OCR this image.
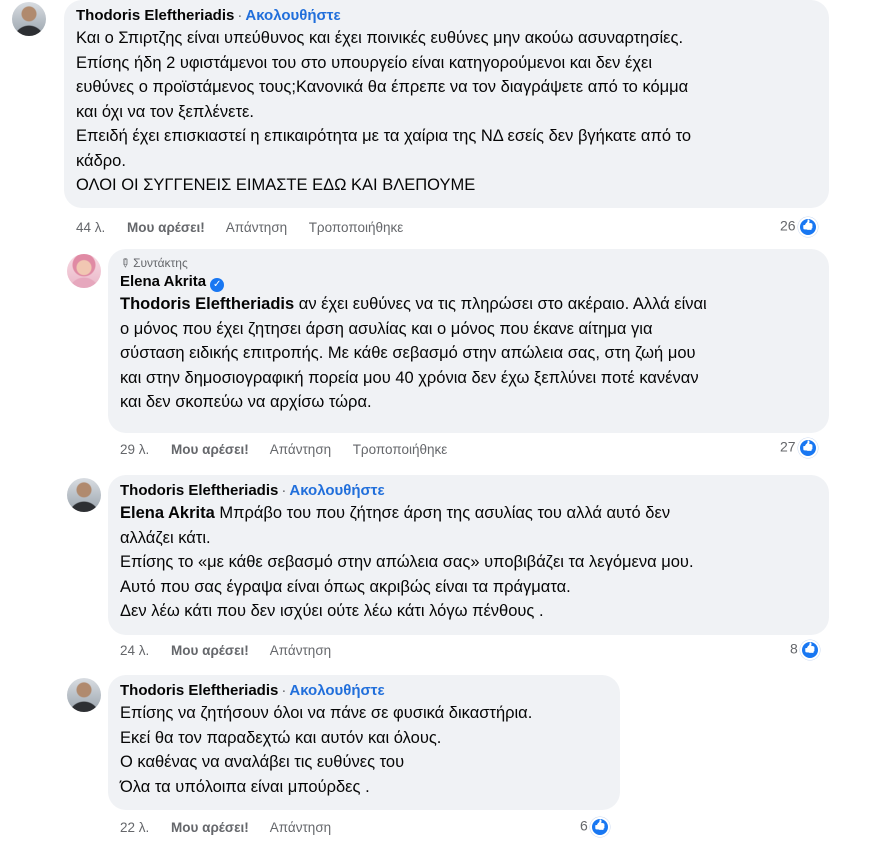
Thodoris Eleftheriadis · Ακολουθήστε
Και ο Σπιρτζης είναι υπεύθυνος και έχει ποινικές ευθύνες μην ακούω ασυναρτησίες.
Επίσης ήδη 2 υφιστάμενοι του στο υπουργείο είναι κατηγορούμενοι και δεν έχει
ευθύνες ο προϊστάμενος τους;Κανονικά θα έπρεπε να τον διαγράψετε από το κόμμα
και όχι να τον ξεπλένετε.
Επειδή έχει επισκιαστεί η επικαιρότητα με τα χαίρια της ΝΔ εσείς δεν βγήκατε από το
κάδρο.
ΟΛΟΙ ΟΙ ΣΥΓΓΕΝΕΙΣ ΕΙΜΑΣΤΕ ΕΔΩ ΚΑΙ ΒΛΕΠΟΥΜΕ
44 λ. Μου αρέσει! Απάντηση Τροποποιήθηκε	26👍
✎Συντάκτης
Elena Akrita ✓
Thodoris Eleftheriadis αν έχει ευθύνες να τις πληρώσει στο ακέραιο. Αλλά είναι
ο μόνος που έχει ζητησει άρση ασυλίας και ο μόνος που έκανε αίτημα για
σύσταση ειδικής επιτροπής. Με κάθε σεβασμό στην απώλεια σας, στη ζωή μου
και στην δημοσιογραφική πορεία μου 40 χρόνια δεν έχω ξεπλύνει ποτέ κανέναν
και δεν σκοπεύω να αρχίσω τώρα.
29 λ. Μου αρέσει! Απάντηση Τροποποιήθηκε	27👍
Thodoris Eleftheriadis · Ακολουθήστε
Elena Akrita Μπράβο του που ζήτησε άρση της ασυλίας του αλλά αυτό δεν
αλλάζει κάτι.
Επίσης το «με κάθε σεβασμό στην απώλεια σας» υποβιβάζει τα λεγόμενα μου.
Αυτό που σας έγραψα είναι όπως ακριβώς είναι τα πράγματα.
Δεν λέω κάτι που δεν ισχύει ούτε λέω κάτι λόγω πένθους .
24 λ. Μου αρέσει! Απάντηση	8👍
Thodoris Eleftheriadis · Ακολουθήστε
Επίσης να ζητήσουν όλοι να πάνε σε φυσικά δικαστήρια.
Εκεί θα τον παραδεχτώ και αυτόν και όλους.
Ο καθένας να αναλάβει τις ευθύνες του
Όλα τα υπόλοιπα είναι μπούρδες .
22 λ. Μου αρέσει! Απάντηση	6👍
